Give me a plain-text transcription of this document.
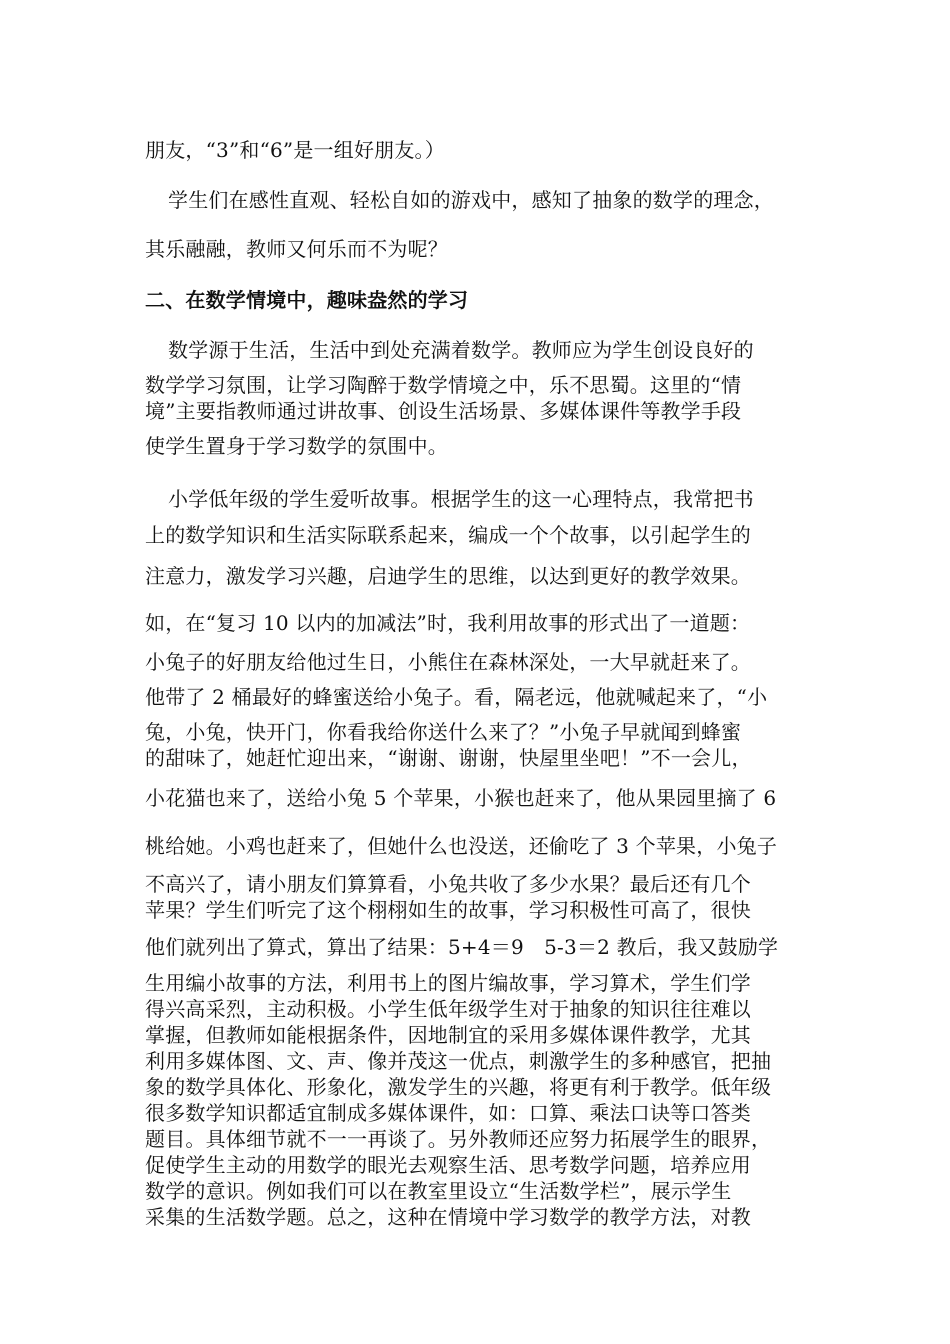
朋友，“3”和“6”是一组好朋友。）
学生们在感性直观、轻松自如的游戏中，感知了抽象的数学的理念，
其乐融融，教师又何乐而不为呢？
二、在数学情境中，趣味盎然的学习
数学源于生活，生活中到处充满着数学。教师应为学生创设良好的
数学学习氛围，让学习陶醉于数学情境之中，乐不思蜀。这里的“情
境”主要指教师通过讲故事、创设生活场景、多媒体课件等教学手段
使学生置身于学习数学的氛围中。
小学低年级的学生爱听故事。根据学生的这一心理特点，我常把书
上的数学知识和生活实际联系起来，编成一个个故事，以引起学生的
注意力，激发学习兴趣，启迪学生的思维，以达到更好的教学效果。
如，在“复习 10 以内的加减法”时，我利用故事的形式出了一道题：
小兔子的好朋友给他过生日，小熊住在森林深处，一大早就赶来了。
他带了 2 桶最好的蜂蜜送给小兔子。看，隔老远，他就喊起来了，“小
兔，小兔，快开门，你看我给你送什么来了？”小兔子早就闻到蜂蜜
的甜味了，她赶忙迎出来，“谢谢、谢谢，快屋里坐吧！”不一会儿，
小花猫也来了，送给小兔 5 个苹果，小猴也赶来了，他从果园里摘了 6
桃给她。小鸡也赶来了，但她什么也没送，还偷吃了 3 个苹果，小兔子
不高兴了，请小朋友们算算看，小兔共收了多少水果？最后还有几个
苹果？学生们听完了这个栩栩如生的故事，学习积极性可高了，很快
他们就列出了算式，算出了结果：5+4＝9　5-3＝2 教后，我又鼓励学
生用编小故事的方法，利用书上的图片编故事，学习算术，学生们学
得兴高采烈，主动积极。小学生低年级学生对于抽象的知识往往难以
掌握，但教师如能根据条件，因地制宜的采用多媒体课件教学，尤其
利用多媒体图、文、声、像并茂这一优点，刺激学生的多种感官，把抽
象的数学具体化、形象化，激发学生的兴趣，将更有利于教学。低年级
很多数学知识都适宜制成多媒体课件，如：口算、乘法口诀等口答类
题目。具体细节就不一一再谈了。另外教师还应努力拓展学生的眼界，
促使学生主动的用数学的眼光去观察生活、思考数学问题，培养应用
数学的意识。例如我们可以在教室里设立“生活数学栏”，展示学生
采集的生活数学题。总之，这种在情境中学习数学的教学方法，对教
